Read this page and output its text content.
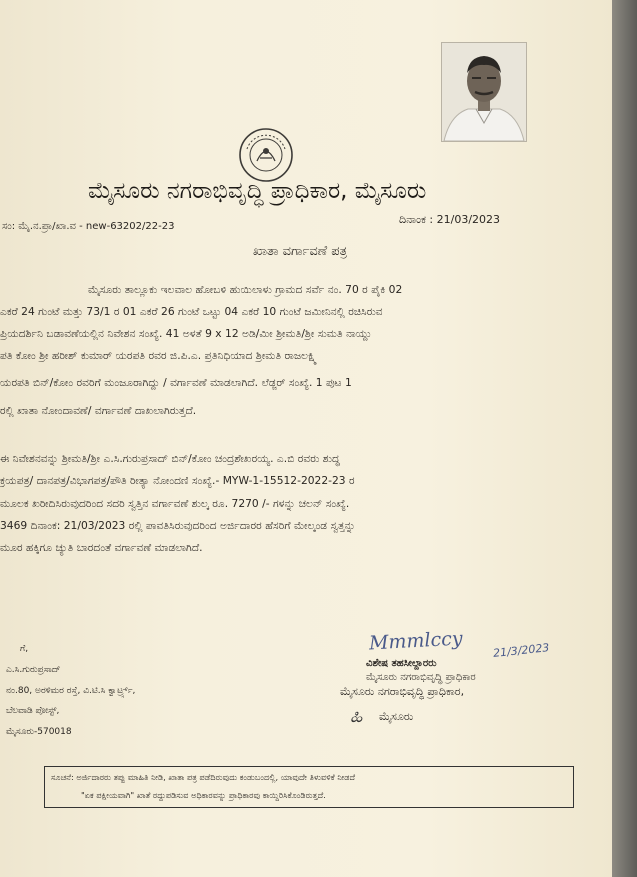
ಮೈಸೂರು ನಗರಾಭಿವೃದ್ಧಿ ಪ್ರಾಧಿಕಾರ, ಮೈಸೂರು
ಸಂ: ಮೈ.ನ.ಪ್ರಾ/ಖಾ.ವ - new-63202/22-23
ದಿನಾಂಕ : 21/03/2023
ಖಾತಾ ವರ್ಗಾವಣೆ ಪತ್ರ
ಮೈಸೂರು ತಾಲ್ಲೂಕು ಇಲವಾಲ ಹೋಬಳಿ ಹುಯಿಲಾಳು ಗ್ರಾಮದ ಸರ್ವೆ ನಂ. 70 ರ ಪೈಕಿ 02
ಎಕರೆ 24 ಗುಂಟೆ ಮತ್ತು 73/1 ರ 01 ಎಕರೆ 26 ಗುಂಟೆ ಒಟ್ಟು 04 ಎಕರೆ 10 ಗುಂಟೆ ಜಮೀನಿನಲ್ಲಿ ರಚಿಸಿರುವ
ಪ್ರಿಯದರ್ಶಿನಿ ಬಡಾವಣೆಯಲ್ಲಿನ ನಿವೇಶನ ಸಂಖ್ಯೆ. 41 ಅಳತೆ 9 x 12 ಅಡಿ/ಮೀ ಶ್ರೀಮತಿ/ಶ್ರೀ ಸುಮತಿ ನಾಯ್ದು
ಪತಿ ಕೋಂ ಶ್ರೀ ಹರೀಶ್ ಕುಮಾರ್ ಯರಪತಿ ರವರ ಜಿ.ಪಿ.ಎ. ಪ್ರತಿನಿಧಿಯಾದ ಶ್ರೀಮತಿ ರಾಜಲಕ್ಷ್ಮಿ
ಯರಪತಿ ಬಿನ್/ಕೋಂ ರವರಿಗೆ ಮಂಜೂರಾಗಿದ್ದು / ವರ್ಗಾವಣೆ ಮಾಡಲಾಗಿದೆ. ಲೆಡ್ಜರ್ ಸಂಖ್ಯೆ. 1 ಪುಟ 1
ರಲ್ಲಿ ಖಾತಾ ನೋಂದಾವಣೆ/ ವರ್ಗಾವಣೆ ದಾಖಲಾಗಿರುತ್ತದೆ.
ಈ ನಿವೇಶನವನ್ನು ಶ್ರೀಮತಿ/ಶ್ರೀ ಎ.ಸಿ.ಗುರುಪ್ರಸಾದ್ ಬಿನ್/ಕೋಂ ಚಂದ್ರಶೇಖರಯ್ಯ. ಎ.ಬಿ ರವರು ಶುದ್ಧ
ಕ್ರಯಪತ್ರ/ ದಾನಪತ್ರ/ವಿಭಾಗಪತ್ರ/ಪೌತಿ ರೀತ್ಯಾ ನೋಂದಣಿ ಸಂಖ್ಯೆ.- MYW-1-15512-2022-23 ರ
ಮೂಲಕ ಖರೀದಿಸಿರುವುದರಿಂದ ಸದರಿ ಸ್ವತ್ತಿನ ವರ್ಗಾವಣೆ ಶುಲ್ಕ ರೂ. 7270 /- ಗಳನ್ನು ಚಲನ್ ಸಂಖ್ಯೆ.
3469 ದಿನಾಂಕ: 21/03/2023 ರಲ್ಲಿ ಪಾವತಿಸಿರುವುದರಿಂದ ಅರ್ಜಿದಾರರ ಹೆಸರಿಗೆ ಮೇಲ್ಕಂಡ ಸ್ವತ್ತನ್ನು
ಮೂರ ಹಕ್ಕಿಗೂ ಚ್ಯುತಿ ಬಾರದಂತೆ ವರ್ಗಾವಣೆ ಮಾಡಲಾಗಿದೆ.
ಗೆ,
ಎ.ಸಿ.ಗುರುಪ್ರಸಾದ್
ನಂ.80, ಅರಳಿಮರ ರಸ್ತೆ, ವಿ.ಟಿ.ಸಿ ಕ್ವಾರ್ಟ್ರ್ಸ್,
ಬೆಲವಾಡಿ ಪೋಸ್ಟ್,
ಮೈಸೂರು-570018
Mmmlccy	21/3/2023
ವಿಶೇಷ ತಹಸೀಲ್ದಾರರು
ಮೈಸೂರು ನಗರಾಭಿವೃದ್ಧಿ ಪ್ರಾಧಿಕಾರ
ಮೈಸೂರು ನಗರಾಭಿವೃದ್ಧಿ ಪ್ರಾಧಿಕಾರ,
ಹಿ ಮೈಸೂರು
ಸೂಚನೆ: ಅರ್ಜಿದಾರರು ತಪ್ಪು ಮಾಹಿತಿ ನೀಡಿ, ಖಾತಾ ಪತ್ರ ಪಡೆದಿರುವುದು ಕಂಡುಬಂದಲ್ಲಿ, ಯಾವುದೇ ತಿಳುವಳಿಕೆ ನೀಡದೆ
"ಏಕ ಪಕ್ಷೀಯವಾಗಿ" ಖಾತೆ ರದ್ದುಪಡಿಸುವ ಅಧಿಕಾರವನ್ನು ಪ್ರಾಧಿಕಾರವು ಕಾಯ್ದಿರಿಸಿಕೊಂಡಿರುತ್ತದೆ.
